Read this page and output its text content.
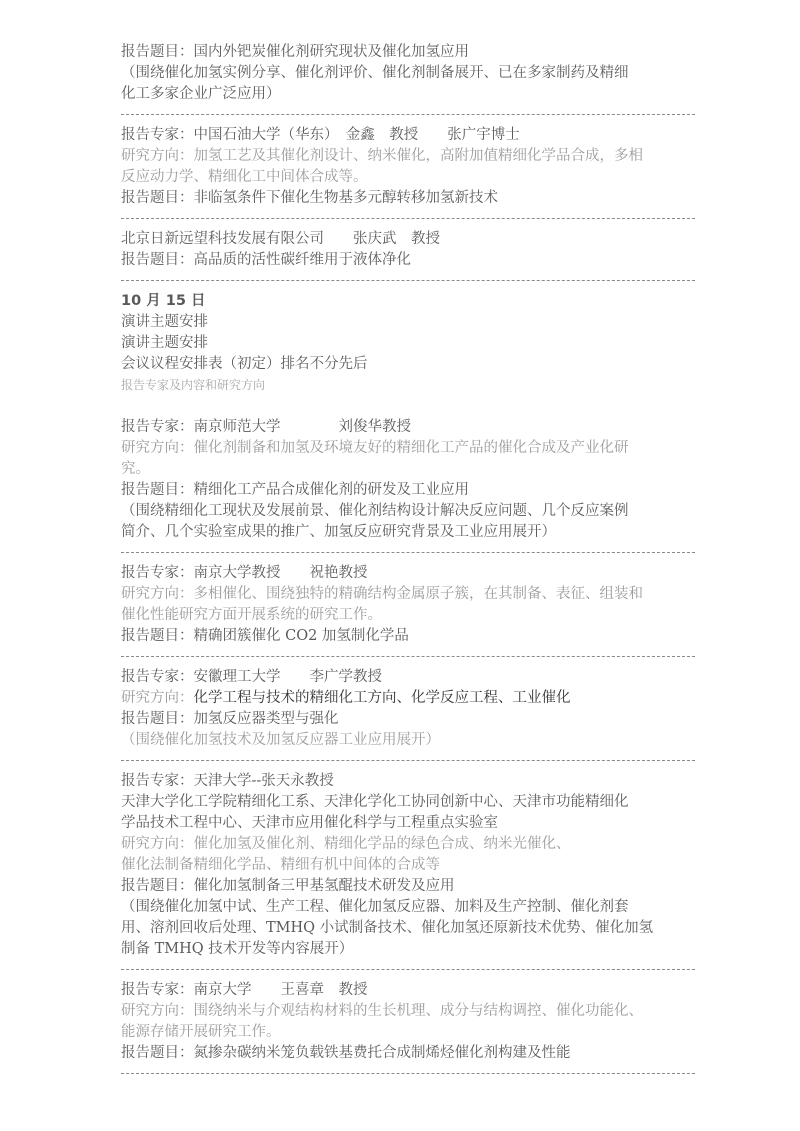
报告题目：国内外钯炭催化剂研究现状及催化加氢应用
（围绕催化加氢实例分享、催化剂评价、催化剂制备展开、已在多家制药及精细
化工多家企业广泛应用）
报告专家：中国石油大学（华东）　金鑫　教授　　张广宇博士
研究方向：加氢工艺及其催化剂设计、纳米催化，高附加值精细化学品合成，多相
反应动力学、精细化工中间体合成等。
报告题目：非临氢条件下催化生物基多元醇转移加氢新技术
北京日新远望科技发展有限公司　　张庆武　教授
报告题目：高品质的活性碳纤维用于液体净化
10 月 15 日
演讲主题安排
演讲主题安排
会议议程安排表（初定）排名不分先后
报告专家及内容和研究方向
报告专家：南京师范大学　　　　刘俊华教授
研究方向：催化剂制备和加氢及环境友好的精细化工产品的催化合成及产业化研
究。
报告题目：精细化工产品合成催化剂的研发及工业应用
（围绕精细化工现状及发展前景、催化剂结构设计解决反应问题、几个反应案例
简介、几个实验室成果的推广、加氢反应研究背景及工业应用展开）
报告专家：南京大学教授　　祝艳教授
研究方向：多相催化、围绕独特的精确结构金属原子簇，在其制备、表征、组装和
催化性能研究方面开展系统的研究工作。
报告题目：精确团簇催化 CO2 加氢制化学品
报告专家：安徽理工大学　　李广学教授
研究方向：化学工程与技术的精细化工方向、化学反应工程、工业催化
报告题目：加氢反应器类型与强化
（围绕催化加氢技术及加氢反应器工业应用展开）
报告专家：天津大学--张天永教授
天津大学化工学院精细化工系、天津化学化工协同创新中心、天津市功能精细化
学品技术工程中心、天津市应用催化科学与工程重点实验室
研究方向：催化加氢及催化剂、精细化学品的绿色合成、纳米光催化、
催化法制备精细化学品、精细有机中间体的合成等
报告题目：催化加氢制备三甲基氢醌技术研发及应用
（围绕催化加氢中试、生产工程、催化加氢反应器、加料及生产控制、催化剂套
用、溶剂回收后处理、TMHQ 小试制备技术、催化加氢还原新技术优势、催化加氢
制备 TMHQ 技术开发等内容展开）
报告专家：南京大学　　王喜章　教授
研究方向：围绕纳米与介观结构材料的生长机理、成分与结构调控、催化功能化、
能源存储开展研究工作。
报告题目：氮掺杂碳纳米笼负载铁基费托合成制烯烃催化剂构建及性能
